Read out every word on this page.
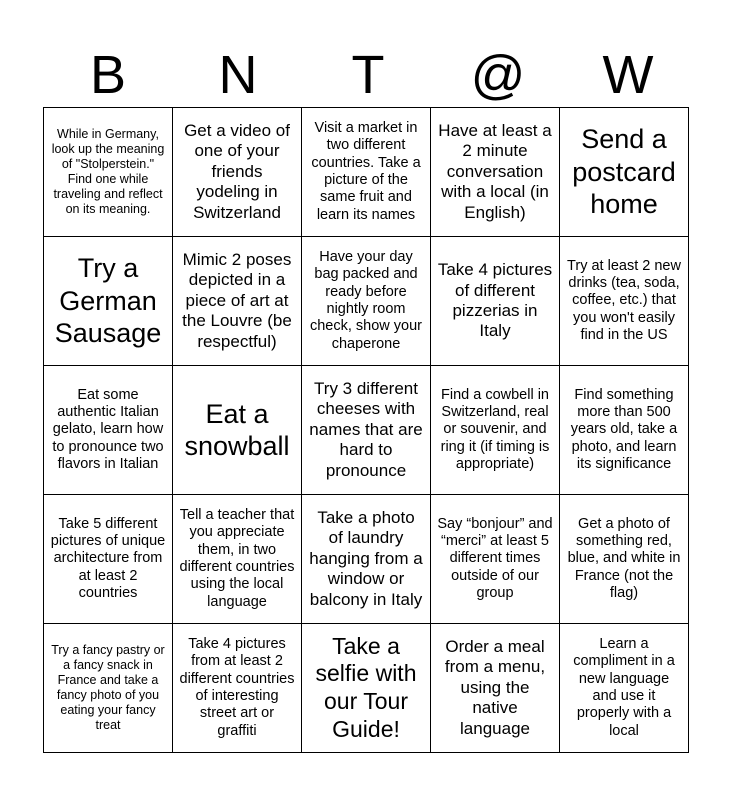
B	N	T	@	W
While in Germany, look up the meaning of "Stolperstein." Find one while traveling and reflect on its meaning.	Get a video of one of your friends yodeling in Switzerland	Visit a market in two different countries. Take a picture of the same fruit and learn its names	Have at least a 2 minute conversation with a local (in English)	Send a postcard home

Try a German Sausage	Mimic 2 poses depicted in a piece of art at the Louvre (be respectful)	Have your day bag packed and ready before nightly room check, show your chaperone	Take 4 pictures of different pizzerias in Italy	Try at least 2 new drinks (tea, soda, coffee, etc.) that you won't easily find in the US

Eat some authentic Italian gelato, learn how to pronounce two flavors in Italian	Eat a snowball	Try 3 different cheeses with names that are hard to pronounce	Find a cowbell in Switzerland, real or souvenir, and ring it (if timing is appropriate)	Find something more than 500 years old, take a photo, and learn its significance

Take 5 different pictures of unique architecture from at least 2 countries	Tell a teacher that you appreciate them, in two different countries using the local language	Take a photo of laundry hanging from a window or balcony in Italy	Say “bonjour” and “merci” at least 5 different times outside of our group	Get a photo of something red, blue, and white in France (not the flag)

Try a fancy pastry or a fancy snack in France and take a fancy photo of you eating your fancy treat	Take 4 pictures from at least 2 different countries of interesting street art or graffiti	Take a selfie with our Tour Guide!	Order a meal from a menu, using the native language	Learn a compliment in a new language and use it properly with a local
